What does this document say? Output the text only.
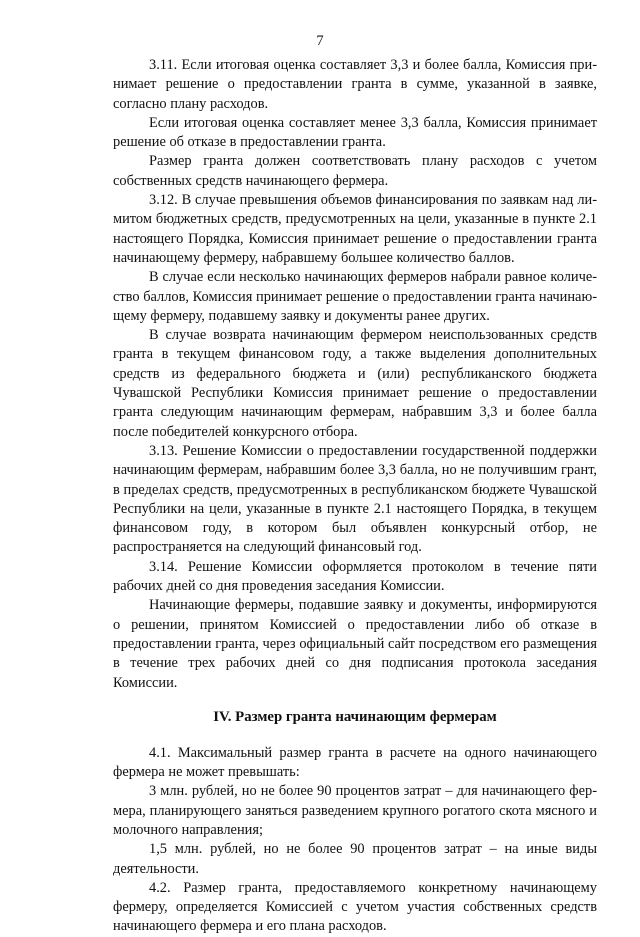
7

3.11. Если итоговая оценка составляет 3,3 и более балла, Комиссия принимает решение о предоставлении гранта в сумме, указанной в заявке, согласно плану расходов.

Если итоговая оценка составляет менее 3,3 балла, Комиссия принимает решение об отказе в предоставлении гранта.

Размер гранта должен соответствовать плану расходов с учетом собственных средств начинающего фермера.

3.12. В случае превышения объемов финансирования по заявкам над лимитом бюджетных средств, предусмотренных на цели, указанные в пункте 2.1 настоящего Порядка, Комиссия принимает решение о предоставлении гранта начинающему фермеру, набравшему большее количество баллов.

В случае если несколько начинающих фермеров набрали равное количество баллов, Комиссия принимает решение о предоставлении гранта начинающему фермеру, подавшему заявку и документы ранее других.

В случае возврата начинающим фермером неиспользованных средств гранта в текущем финансовом году, а также выделения дополнительных средств из федерального бюджета и (или) республиканского бюджета Чувашской Республики Комиссия принимает решение о предоставлении гранта следующим начинающим фермерам, набравшим 3,3 и более балла после победителей конкурсного отбора.

3.13. Решение Комиссии о предоставлении государственной поддержки начинающим фермерам, набравшим более 3,3 балла, но не получившим грант, в пределах средств, предусмотренных в республиканском бюджете Чувашской Республики на цели, указанные в пункте 2.1 настоящего Порядка, в текущем финансовом году, в котором был объявлен конкурсный отбор, не распространяется на следующий финансовый год.

3.14. Решение Комиссии оформляется протоколом в течение пяти рабочих дней со дня проведения заседания Комиссии.

Начинающие фермеры, подавшие заявку и документы, информируются о решении, принятом Комиссией о предоставлении либо об отказе в предоставлении гранта, через официальный сайт посредством его размещения в течение трех рабочих дней со дня подписания протокола заседания Комиссии.

IV. Размер гранта начинающим фермерам

4.1. Максимальный размер гранта в расчете на одного начинающего фермера не может превышать:

3 млн. рублей, но не более 90 процентов затрат – для начинающего фермера, планирующего заняться разведением крупного рогатого скота мясного и молочного направления;

1,5 млн. рублей, но не более 90 процентов затрат – на иные виды деятельности.

4.2. Размер гранта, предоставляемого конкретному начинающему фермеру, определяется Комиссией с учетом участия собственных средств начинающего фермера и его плана расходов.
